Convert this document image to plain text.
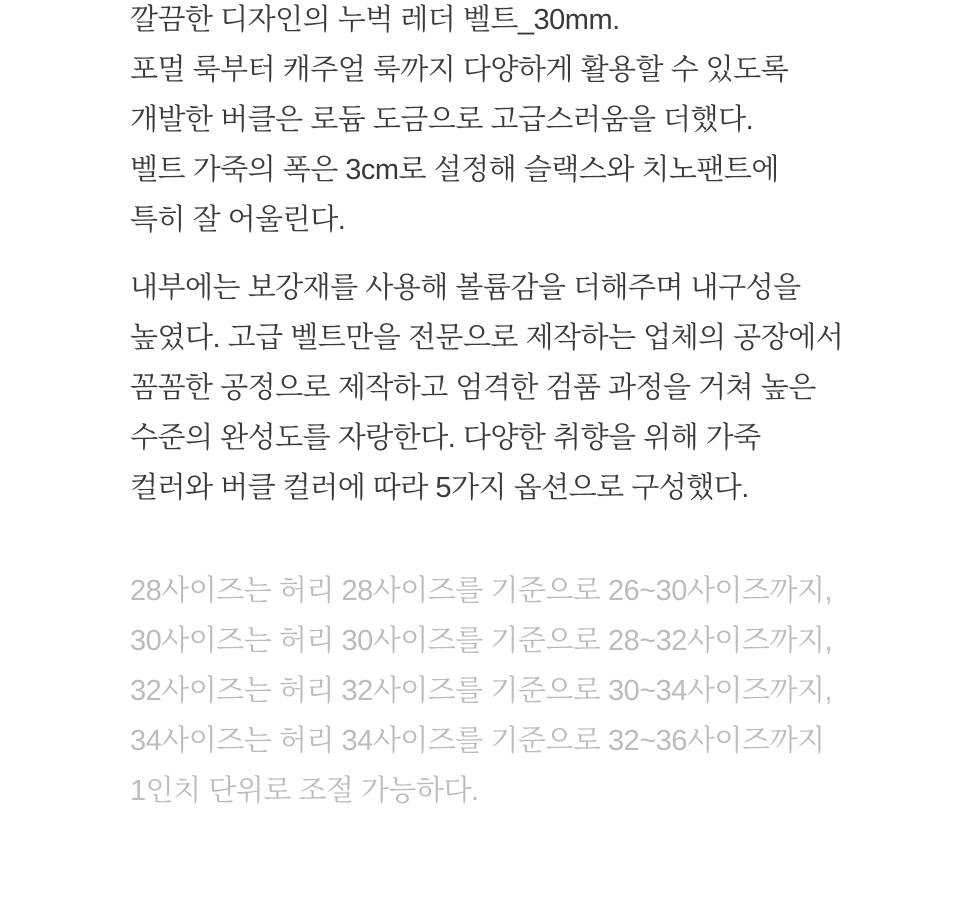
깔끔한 디자인의 누벅 레더 벨트_30mm.

포멀 룩부터 캐주얼 룩까지 다양하게 활용할 수 있도록

개발한 버클은 로듐 도금으로 고급스러움을 더했다.

벨트 가죽의 폭은 3cm로 설정해 슬랙스와 치노팬트에

특히 잘 어울린다.

내부에는 보강재를 사용해 볼륨감을 더해주며 내구성을

높였다. 고급 벨트만을 전문으로 제작하는 업체의 공장에서

꼼꼼한 공정으로 제작하고 엄격한 검품 과정을 거쳐 높은

수준의 완성도를 자랑한다. 다양한 취향을 위해 가죽

컬러와 버클 컬러에 따라 5가지 옵션으로 구성했다.

28사이즈는 허리 28사이즈를 기준으로 26~30사이즈까지,

30사이즈는 허리 30사이즈를 기준으로 28~32사이즈까지,

32사이즈는 허리 32사이즈를 기준으로 30~34사이즈까지,

34사이즈는 허리 34사이즈를 기준으로 32~36사이즈까지

1인치 단위로 조절 가능하다.
